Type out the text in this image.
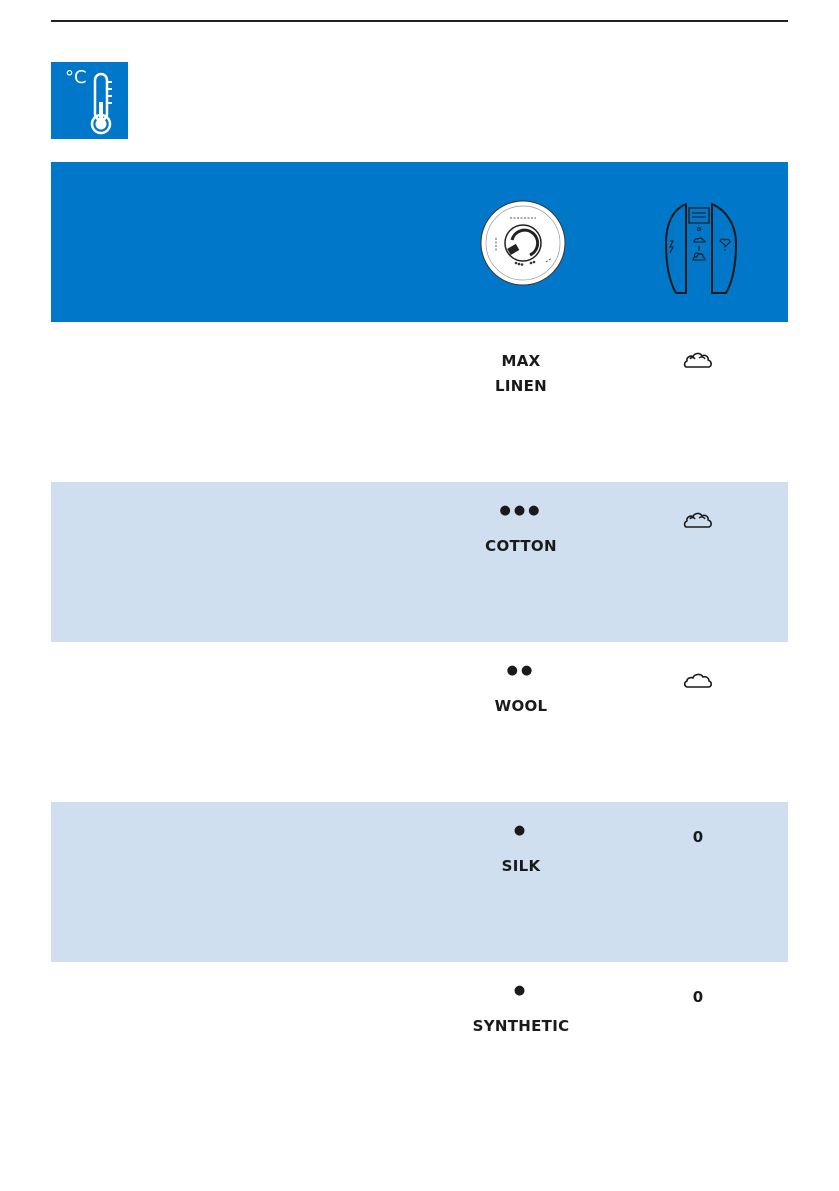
°C
MAX
LINEN
●●●
COTTON
●●
WOOL
●
SILK
0
●
SYNTHETIC
0
